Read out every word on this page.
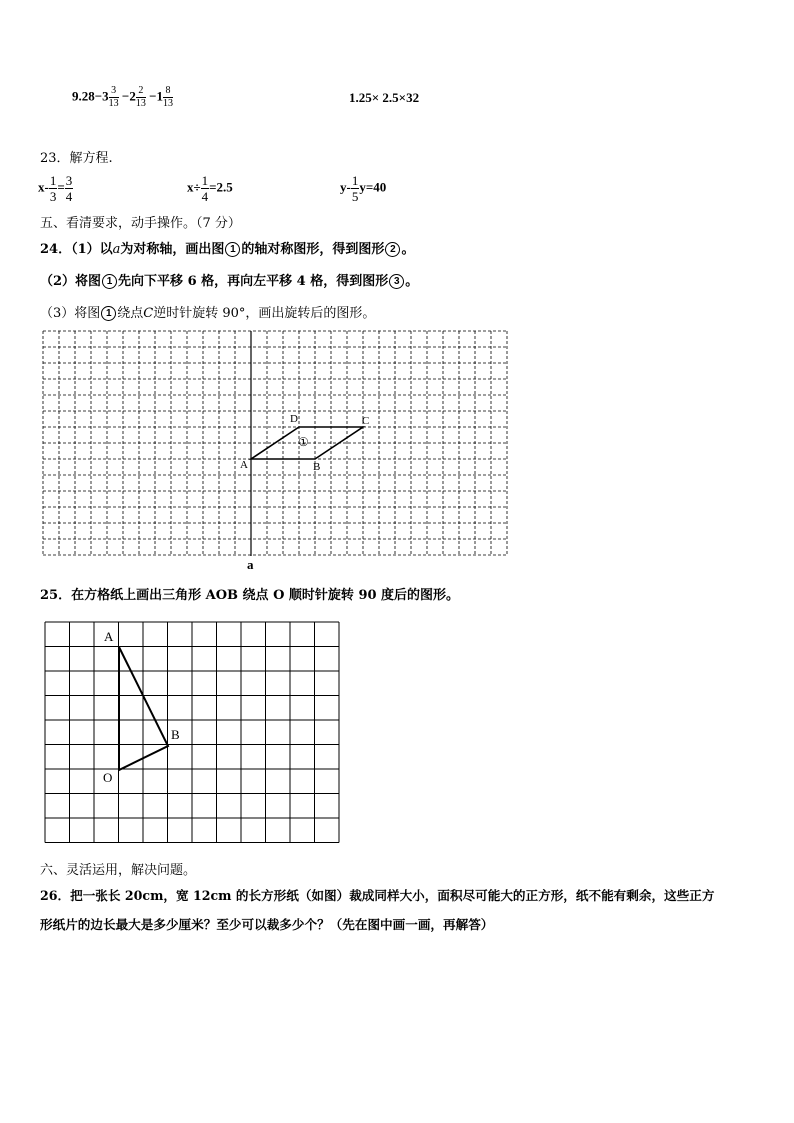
$9.28-3 \frac{3}{13} -2 \frac{2}{13} -1 \frac{8}{13}$	1.25× 2.5×32
23．解方程.
$x- \frac{1}{3} = \frac{3}{4}$	$x\div \frac{1}{4} =2.5$	$y- \frac{1}{5} y=40$
五、看清要求，动手操作。（7 分）
24．（1）以a为对称轴，画出图 1 的轴对称图形，得到图形 2 。
（2）将图 1 先向下平移 6 格，再向左平移 4 格，得到图形 3 。
（3）将图 1 绕点C逆时针旋转 90°，画出旋转后的图形。
D	C
A	B
①
a
A
B
O
25．在方格纸上画出三角形 AOB 绕点 O 顺时针旋转 90 度后的图形。
六、灵活运用，解决问题。
26．把一张长 20cm，宽 12cm 的长方形纸（如图）裁成同样大小，面积尽可能大的正方形，纸不能有剩余，这些正方
形纸片的边长最大是多少厘米？至少可以裁多少个？（先在图中画一画，再解答）
